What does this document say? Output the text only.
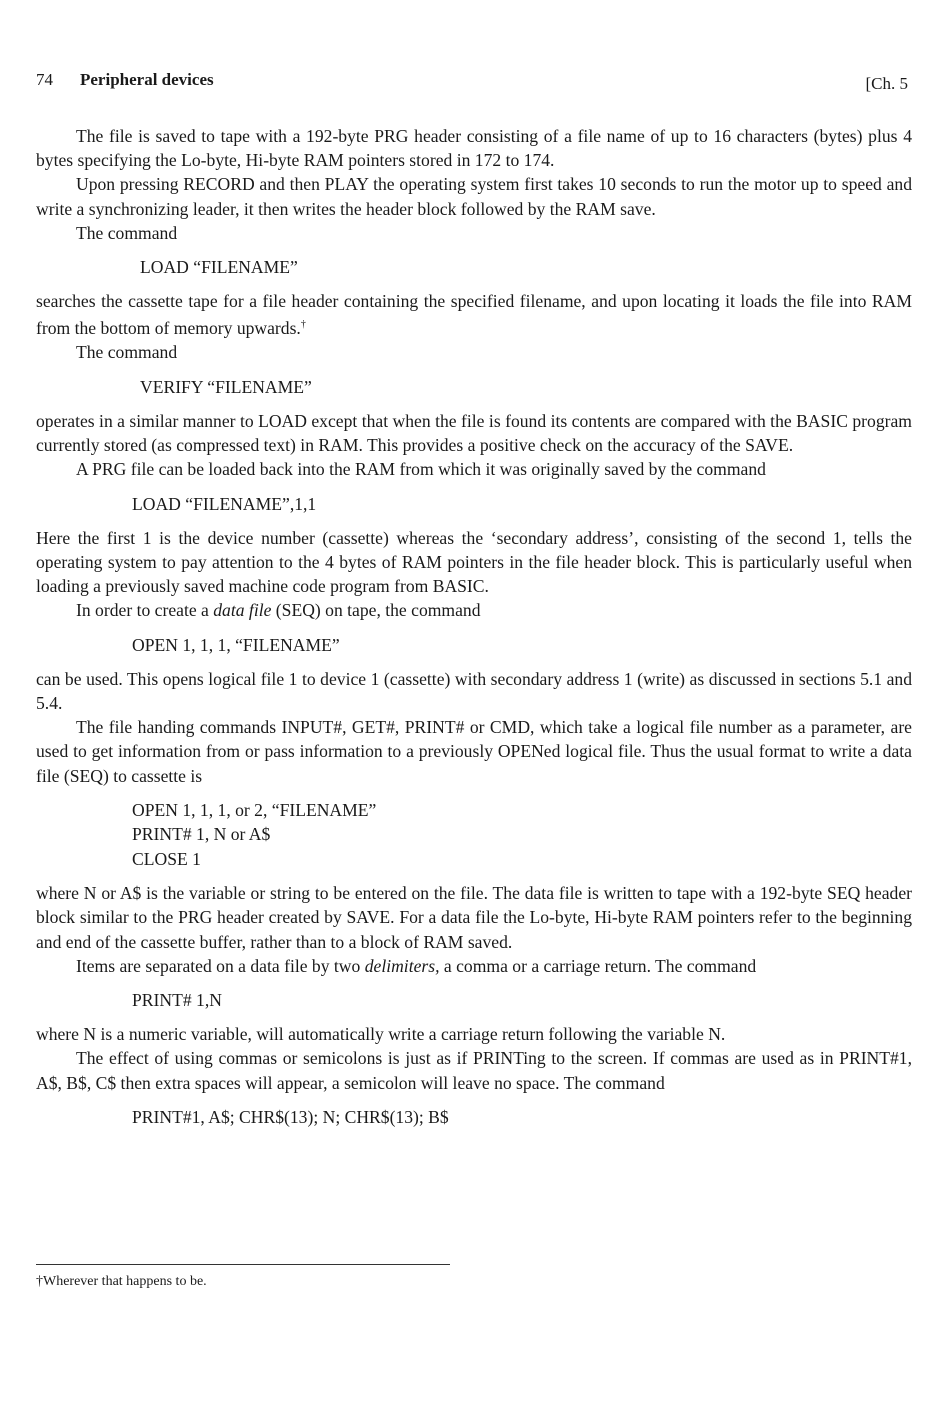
74 Peripheral devices	[Ch. 5

The file is saved to tape with a 192-byte PRG header consisting of a file name of up to 16 characters (bytes) plus 4 bytes specifying the Lo-byte, Hi-byte RAM pointers stored in 172 to 174.

Upon pressing RECORD and then PLAY the operating system first takes 10 seconds to run the motor up to speed and write a synchronizing leader, it then writes the header block followed by the RAM save.

The command

LOAD “FILENAME”

searches the cassette tape for a file header containing the specified filename, and upon locating it loads the file into RAM from the bottom of memory upwards.†

The command

VERIFY “FILENAME”

operates in a similar manner to LOAD except that when the file is found its contents are compared with the BASIC program currently stored (as compressed text) in RAM. This provides a positive check on the accuracy of the SAVE.

A PRG file can be loaded back into the RAM from which it was originally saved by the command

LOAD “FILENAME”,1,1

Here the first 1 is the device number (cassette) whereas the ‘secondary address’, consisting of the second 1, tells the operating system to pay attention to the 4 bytes of RAM pointers in the file header block. This is particularly useful when loading a previously saved machine code program from BASIC.

In order to create a data file (SEQ) on tape, the command

OPEN 1, 1, 1, “FILENAME”

can be used. This opens logical file 1 to device 1 (cassette) with secondary address 1 (write) as discussed in sections 5.1 and 5.4.

The file handing commands INPUT#, GET#, PRINT# or CMD, which take a logical file number as a parameter, are used to get information from or pass information to a previously OPENed logical file. Thus the usual format to write a data file (SEQ) to cassette is

OPEN 1, 1, 1, or 2, “FILENAME”
PRINT# 1, N or A$
CLOSE 1

where N or A$ is the variable or string to be entered on the file. The data file is written to tape with a 192-byte SEQ header block similar to the PRG header created by SAVE. For a data file the Lo-byte, Hi-byte RAM pointers refer to the beginning and end of the cassette buffer, rather than to a block of RAM saved.

Items are separated on a data file by two delimiters, a comma or a carriage return. The command

PRINT# 1,N

where N is a numeric variable, will automatically write a carriage return following the variable N.

The effect of using commas or semicolons is just as if PRINTing to the screen. If commas are used as in PRINT#1, A$, B$, C$ then extra spaces will appear, a semicolon will leave no space. The command

PRINT#1, A$; CHR$(13); N; CHR$(13); B$

†Wherever that happens to be.
